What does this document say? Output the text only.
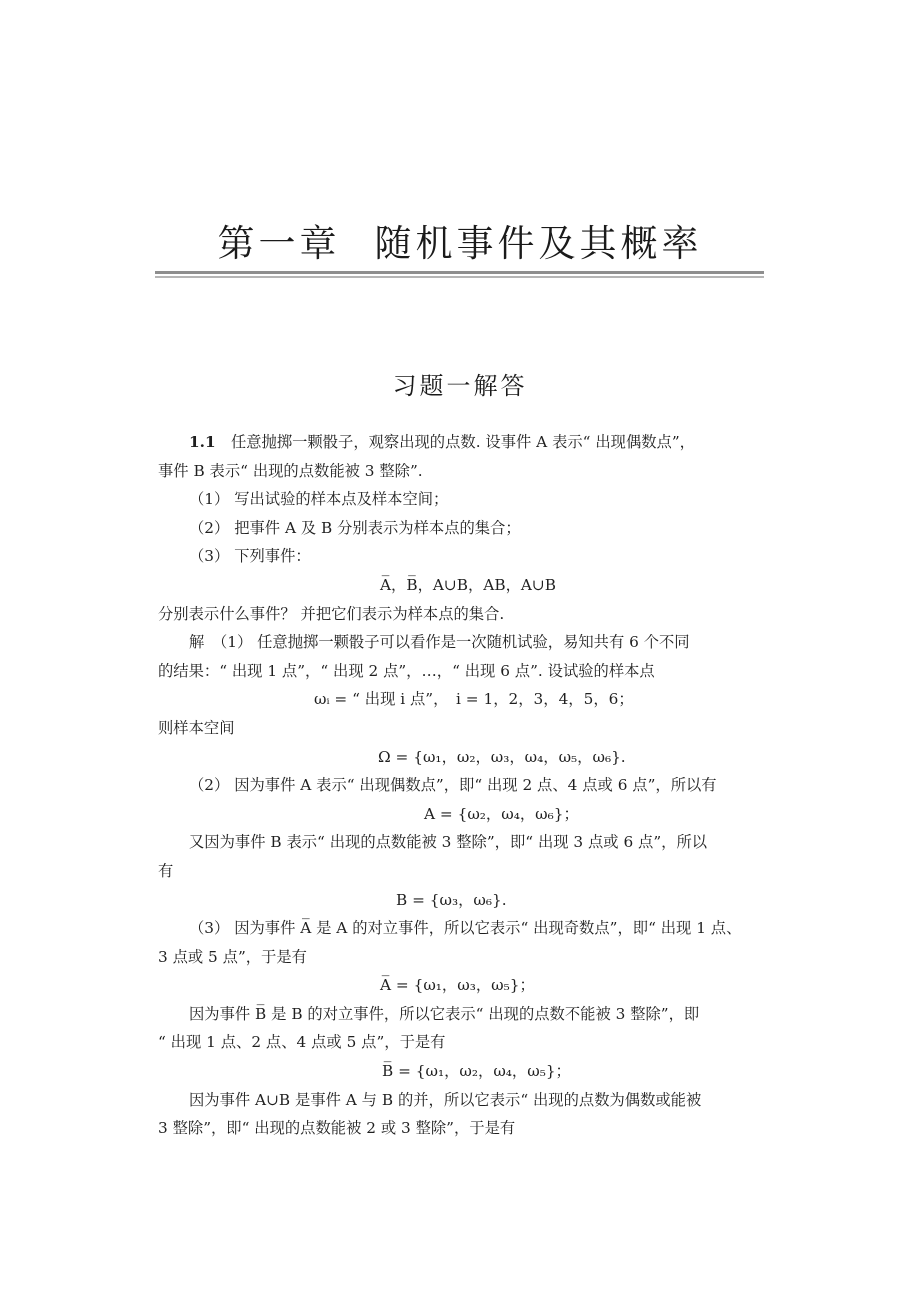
第一章 随机事件及其概率
习题一解答
1.1　 任意抛掷一颗骰子，观察出现的点数. 设事件 A 表示“ 出现偶数点”，
事件 B 表示“ 出现的点数能被 3 整除”.
（1） 写出试验的样本点及样本空间；
（2） 把事件 A 及 B 分别表示为样本点的集合；
（3） 下列事件：
A̅，B̅，A∪B，AB，A∪B
分别表示什么事件？ 并把它们表示为样本点的集合.
解　（1） 任意抛掷一颗骰子可以看作是一次随机试验，易知共有 6 个不同
的结果：“ 出现 1 点”，“ 出现 2 点”，…，“ 出现 6 点”. 设试验的样本点
ωᵢ = “ 出现 i 点”，　i = 1，2，3，4，5，6；
则样本空间
Ω = {ω₁，ω₂，ω₃，ω₄，ω₅，ω₆}.
（2） 因为事件 A 表示“ 出现偶数点”，即“ 出现 2 点、4 点或 6 点”，所以有
A = {ω₂，ω₄，ω₆}；
又因为事件 B 表示“ 出现的点数能被 3 整除”，即“ 出现 3 点或 6 点”，所以
有
B = {ω₃，ω₆}.
（3） 因为事件 A̅ 是 A 的对立事件，所以它表示“ 出现奇数点”，即“ 出现 1 点、
3 点或 5 点”，于是有
A̅ = {ω₁，ω₃，ω₅}；
因为事件 B̅ 是 B 的对立事件，所以它表示“ 出现的点数不能被 3 整除”，即
“ 出现 1 点、2 点、4 点或 5 点”，于是有
B̅ = {ω₁，ω₂，ω₄，ω₅}；
因为事件 A∪B 是事件 A 与 B 的并，所以它表示“ 出现的点数为偶数或能被
3 整除”，即“ 出现的点数能被 2 或 3 整除”，于是有
